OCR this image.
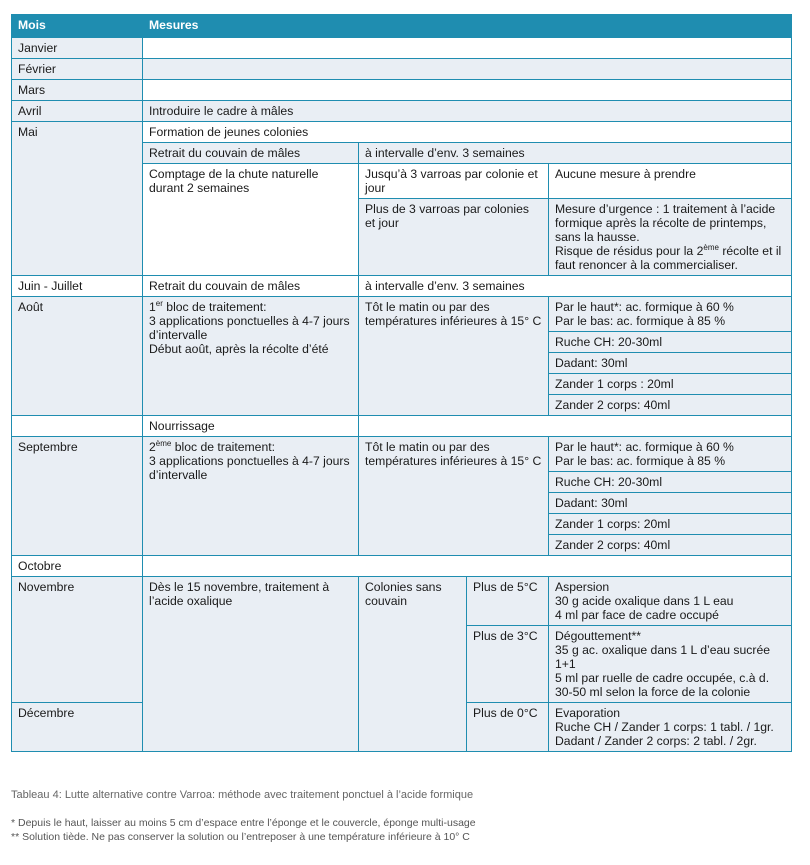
Mois	Mesures			
Janvier				
Février				
Mars				
Avril	Introduire le cadre à mâles			
Mai	Formation de jeunes colonies			
	Retrait du couvain de mâles	à intervalle d’env. 3 semaines		
	Comptage de la chute naturelle durant 2 semaines	Jusqu’à 3 varroas par colonie et jour		Aucune mesure à prendre
		Plus de 3 varroas par colonies et jour		Mesure d’urgence : 1 traitement à l’acide formique après la récolte de printemps, sans la hausse.
Risque de résidus pour la 2ème récolte et il faut renoncer à la commercialiser.
Juin - Juillet	Retrait du couvain de mâles	à intervalle d’env. 3 semaines		
Août	1er bloc de traitement:
3 applications ponctuelles à 4-7 jours d’intervalle
Début août, après la récolte d’été	Tôt le matin ou par des températures inférieures à 15° C		Par le haut*: ac. formique à 60 %
Par le bas: ac. formique à 85 %
				Ruche CH: 20-30ml
				Dadant: 30ml
				Zander 1 corps : 20ml
				Zander 2 corps: 40ml
	Nourrissage			
Septembre	2ème bloc de traitement:
3 applications ponctuelles à 4-7 jours d’intervalle	Tôt le matin ou par des températures inférieures à 15° C		Par le haut*: ac. formique à 60 %
Par le bas: ac. formique à 85 %
				Ruche CH: 20-30ml
				Dadant: 30ml
				Zander 1 corps: 20ml
				Zander 2 corps: 40ml
Octobre				
Novembre	Dès le 15 novembre, traitement à l’acide oxalique	Colonies sans couvain	Plus de 5°C	Aspersion
30 g acide oxalique dans 1 L eau
4 ml par face de cadre occupé
			Plus de 3°C	Dégouttement**
35 g ac. oxalique dans 1 L d’eau sucrée 1+1
5 ml par ruelle de cadre occupée, c.à d. 30-50 ml selon la force de la colonie
Décembre			Plus de 0°C	Evaporation
Ruche CH / Zander 1 corps: 1 tabl. / 1gr.
Dadant / Zander 2 corps: 2 tabl. / 2gr.
Tableau 4: Lutte alternative contre Varroa: méthode avec traitement ponctuel à l’acide formique
* Depuis le haut, laisser au moins 5 cm d’espace entre l’éponge et le couvercle, éponge multi-usage
** Solution tiède. Ne pas conserver la solution ou l’entreposer à une température inférieure à 10° C
